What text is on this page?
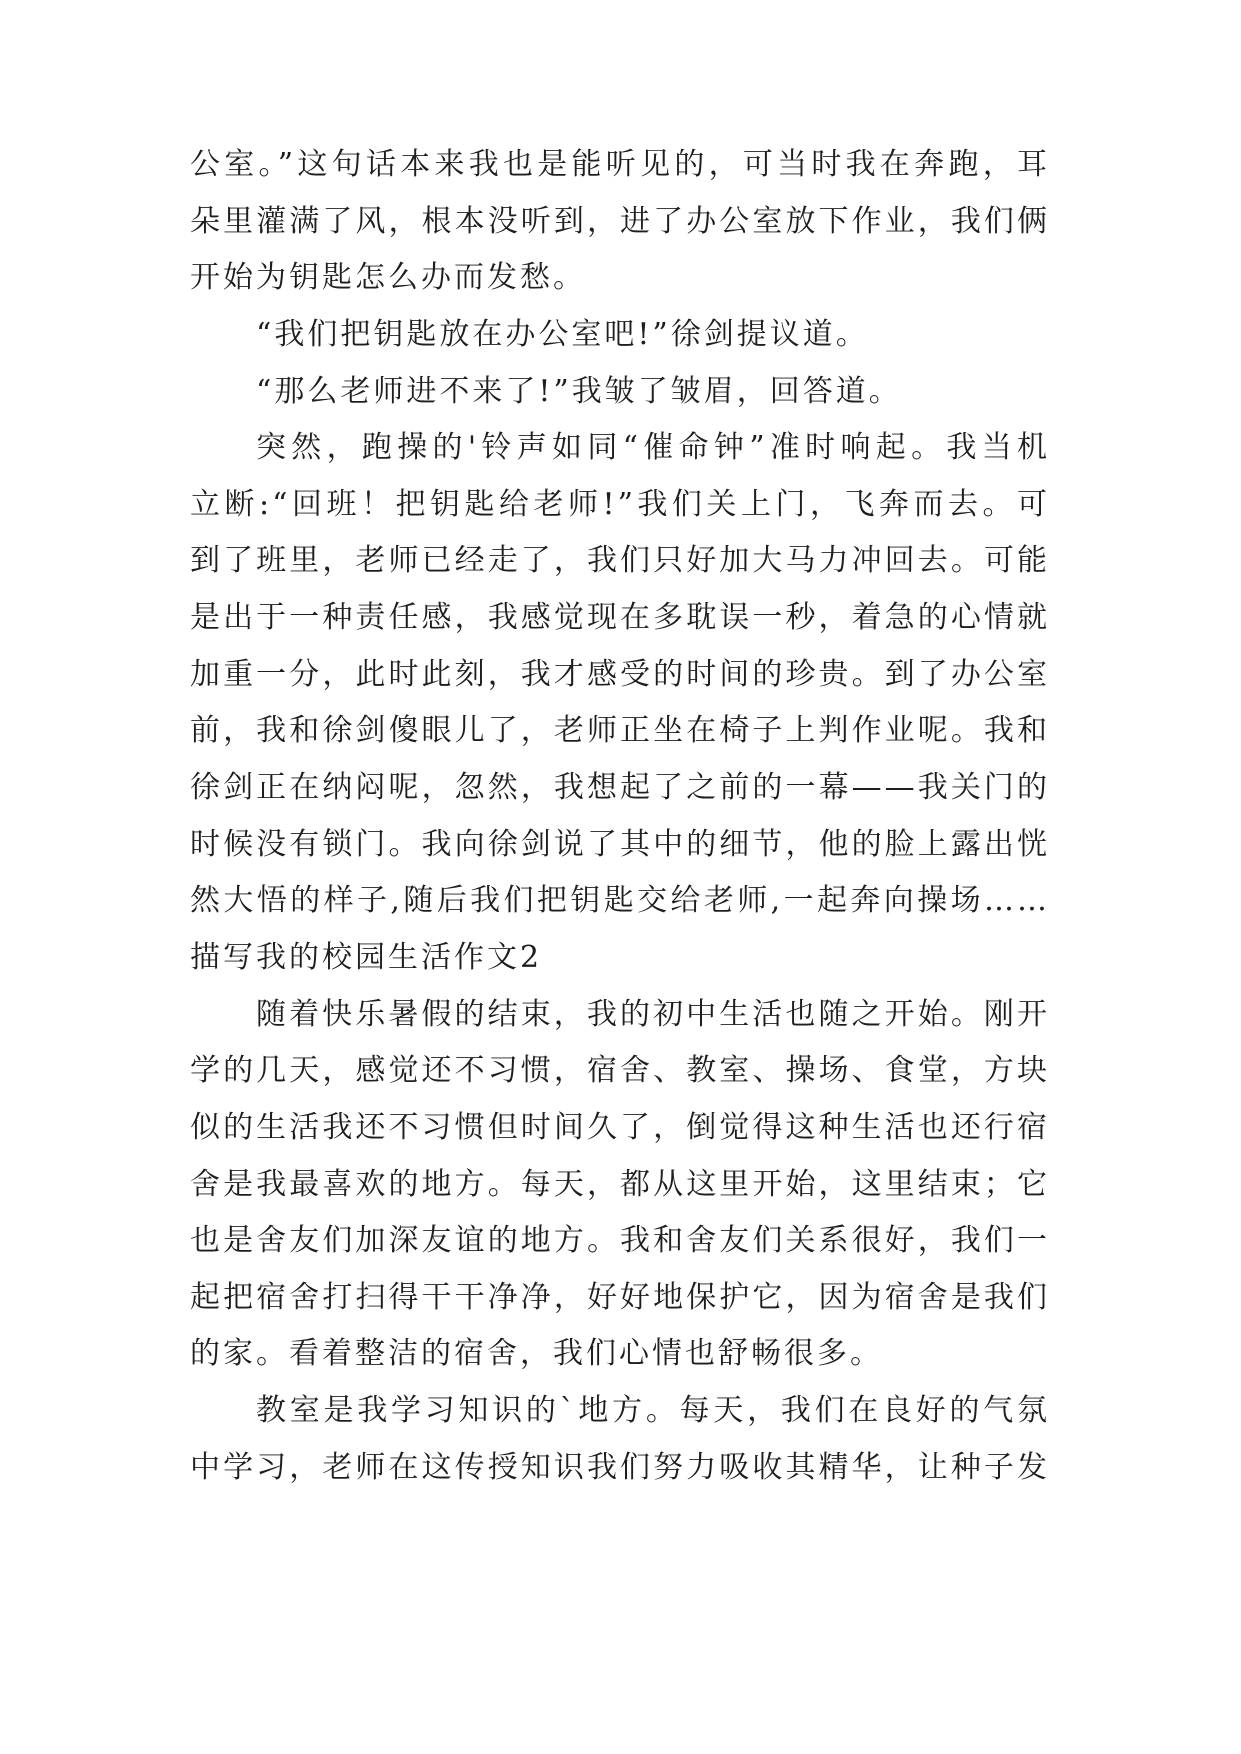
公室。”这句话本来我也是能听见的，可当时我在奔跑，耳
朵里灌满了风，根本没听到，进了办公室放下作业，我们俩
开始为钥匙怎么办而发愁。
“我们把钥匙放在办公室吧!”徐剑提议道。
“那么老师进不来了!”我皱了皱眉，回答道。
突然，跑操的'铃声如同“催命钟”准时响起。我当机
立断:“回班！把钥匙给老师!”我们关上门，飞奔而去。可
到了班里，老师已经走了，我们只好加大马力冲回去。可能
是出于一种责任感，我感觉现在多耽误一秒，着急的心情就
加重一分，此时此刻，我才感受的时间的珍贵。到了办公室
前，我和徐剑傻眼儿了，老师正坐在椅子上判作业呢。我和
徐剑正在纳闷呢，忽然，我想起了之前的一幕——我关门的
时候没有锁门。我向徐剑说了其中的细节，他的脸上露出恍
然大悟的样子,随后我们把钥匙交给老师,一起奔向操场……
描写我的校园生活作文2
随着快乐暑假的结束，我的初中生活也随之开始。刚开
学的几天，感觉还不习惯，宿舍、教室、操场、食堂，方块
似的生活我还不习惯但时间久了，倒觉得这种生活也还行宿
舍是我最喜欢的地方。每天，都从这里开始，这里结束；它
也是舍友们加深友谊的地方。我和舍友们关系很好，我们一
起把宿舍打扫得干干净净，好好地保护它，因为宿舍是我们
的家。看着整洁的宿舍，我们心情也舒畅很多。
教室是我学习知识的`地方。每天，我们在良好的气氛
中学习，老师在这传授知识我们努力吸收其精华，让种子发
